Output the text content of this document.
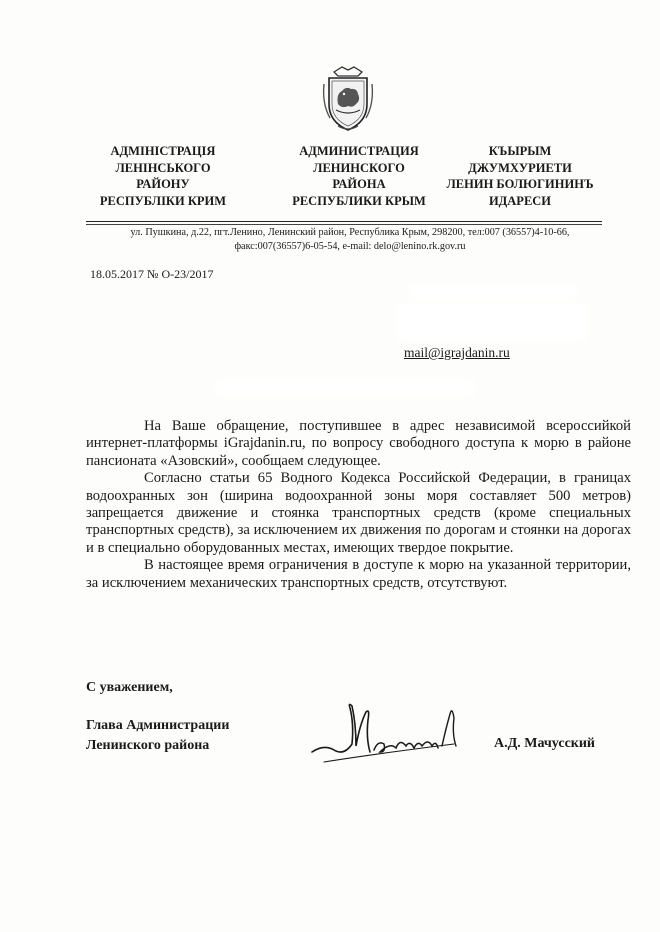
АДМІНІСТРАЦІЯ
ЛЕНІНСЬКОГО
РАЙОНУ
РЕСПУБЛІКИ КРИМ
АДМИНИСТРАЦИЯ
ЛЕНИНСКОГО
РАЙОНА
РЕСПУБЛИКИ КРЫМ
КЪЫРЫМ
ДЖУМХУРИЕТИ
ЛЕНИН БОЛЮГИНИНЪ
ИДАРЕСИ
ул. Пушкина, д.22, пгт.Ленино, Ленинский район, Республика Крым, 298200, тел:007 (36557)4-10-66,
факс:007(36557)6-05-54, e-mail: delo@lenino.rk.gov.ru
18.05.2017 № О-23/2017
mail@igrajdanin.ru

На Ваше обращение, поступившее в адрес независимой всероссийкой интернет-платформы iGrajdanin.ru, по вопросу свободного доступа к морю в районе пансионата «Азовский», сообщаем следующее.

Согласно статьи 65 Водного Кодекса Российской Федерации, в границах водоохранных зон (ширина водоохранной зоны моря составляет 500 метров) запрещается движение и стоянка транспортных средств (кроме специальных транспортных средств), за исключением их движения по дорогам и стоянки на дорогах и в специально оборудованных местах, имеющих твердое покрытие.

В настоящее время ограничения в доступе к морю на указанной территории, за исключением механических транспортных средств, отсутствуют.

С уважением,
Глава Администрации
Ленинского района	А.Д. Мачусский
